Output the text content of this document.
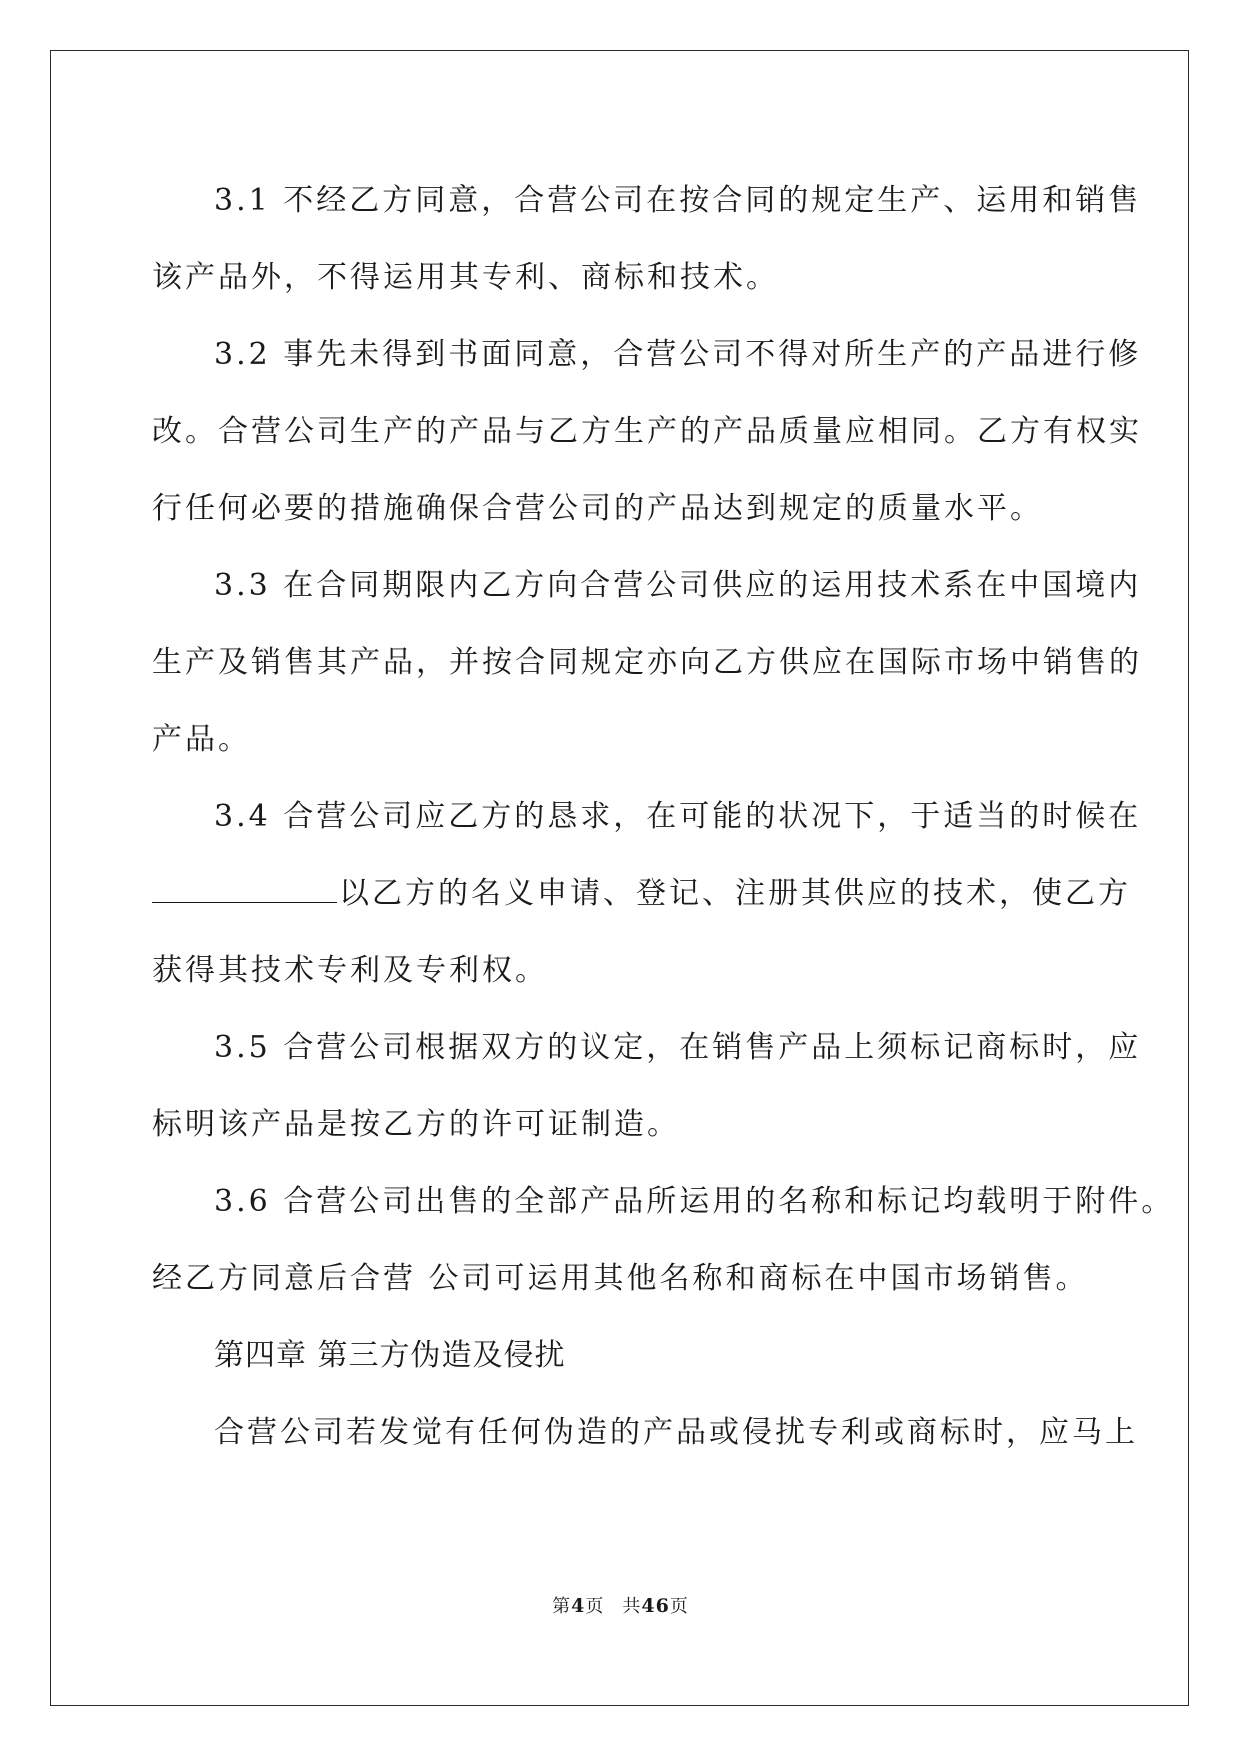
3.1 不经乙方同意，合营公司在按合同的规定生产、运用和销售
该产品外，不得运用其专利、商标和技术。
3.2 事先未得到书面同意，合营公司不得对所生产的产品进行修
改。合营公司生产的产品与乙方生产的产品质量应相同。乙方有权实
行任何必要的措施确保合营公司的产品达到规定的质量水平。
3.3 在合同期限内乙方向合营公司供应的运用技术系在中国境内
生产及销售其产品，并按合同规定亦向乙方供应在国际市场中销售的
产品。
3.4 合营公司应乙方的恳求，在可能的状况下，于适当的时候在
以乙方的名义申请、登记、注册其供应的技术，使乙方
获得其技术专利及专利权。
3.5 合营公司根据双方的议定，在销售产品上须标记商标时，应
标明该产品是按乙方的许可证制造。
3.6 合营公司出售的全部产品所运用的名称和标记均载明于附件。
经乙方同意后合营 公司可运用其他名称和商标在中国市场销售。
第四章 第三方伪造及侵扰
合营公司若发觉有任何伪造的产品或侵扰专利或商标时，应马上
第4页 共46页
